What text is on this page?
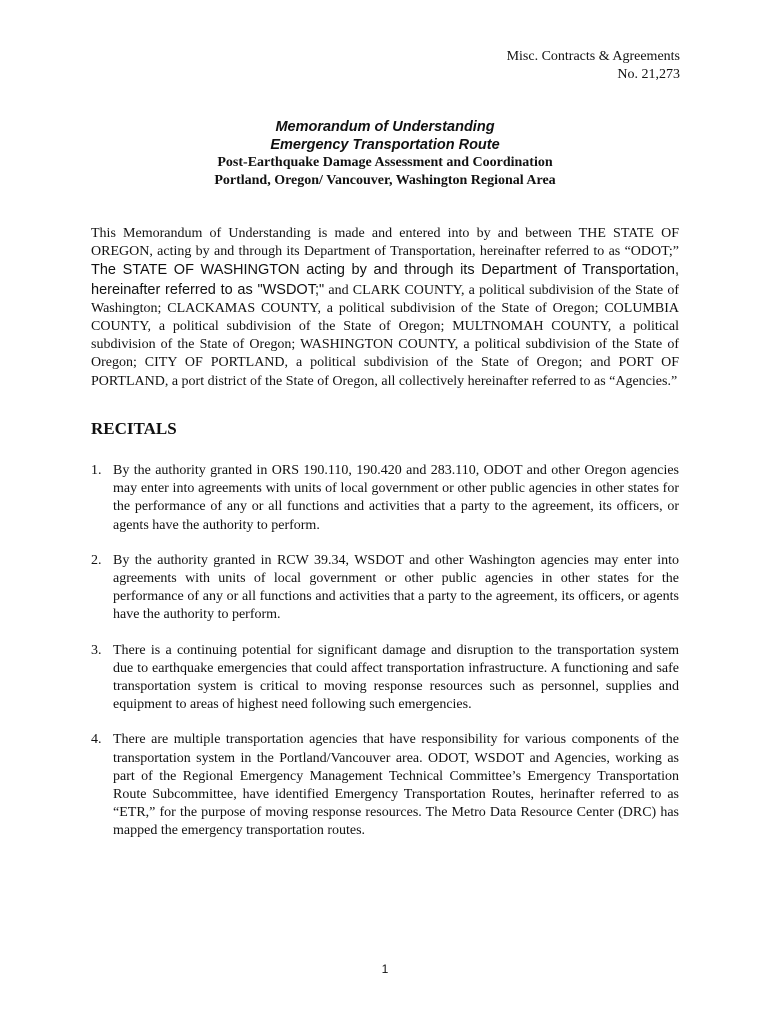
Misc. Contracts & Agreements
No. 21,273
Memorandum of Understanding
Emergency Transportation Route
Post-Earthquake Damage Assessment and Coordination
Portland, Oregon/ Vancouver, Washington Regional Area

This Memorandum of Understanding is made and entered into by and between THE STATE OF OREGON, acting by and through its Department of Transportation, hereinafter referred to as “ODOT;” The STATE OF WASHINGTON acting by and through its Department of Transportation, hereinafter referred to as "WSDOT;" and CLARK COUNTY, a political subdivision of the State of Washington; CLACKAMAS COUNTY, a political subdivision of the State of Oregon; COLUMBIA COUNTY, a political subdivision of the State of Oregon; MULTNOMAH COUNTY, a political subdivision of the State of Oregon; WASHINGTON COUNTY, a political subdivision of the State of Oregon; CITY OF PORTLAND, a political subdivision of the State of Oregon; and PORT OF PORTLAND, a port district of the State of Oregon, all collectively hereinafter referred to as “Agencies.”

RECITALS
1. By the authority granted in ORS 190.110, 190.420 and 283.110, ODOT and other Oregon agencies may enter into agreements with units of local government or other public agencies in other states for the performance of any or all functions and activities that a party to the agreement, its officers, or agents have the authority to perform.
2. By the authority granted in RCW 39.34, WSDOT and other Washington agencies may enter into agreements with units of local government or other public agencies in other states for the performance of any or all functions and activities that a party to the agreement, its officers, or agents have the authority to perform.
3. There is a continuing potential for significant damage and disruption to the transportation system due to earthquake emergencies that could affect transportation infrastructure. A functioning and safe transportation system is critical to moving response resources such as personnel, supplies and equipment to areas of highest need following such emergencies.
4. There are multiple transportation agencies that have responsibility for various components of the transportation system in the Portland/Vancouver area. ODOT, WSDOT and Agencies, working as part of the Regional Emergency Management Technical Committee’s Emergency Transportation Route Subcommittee, have identified Emergency Transportation Routes, herinafter referred to as “ETR,” for the purpose of moving response resources. The Metro Data Resource Center (DRC) has mapped the emergency transportation routes.
1
